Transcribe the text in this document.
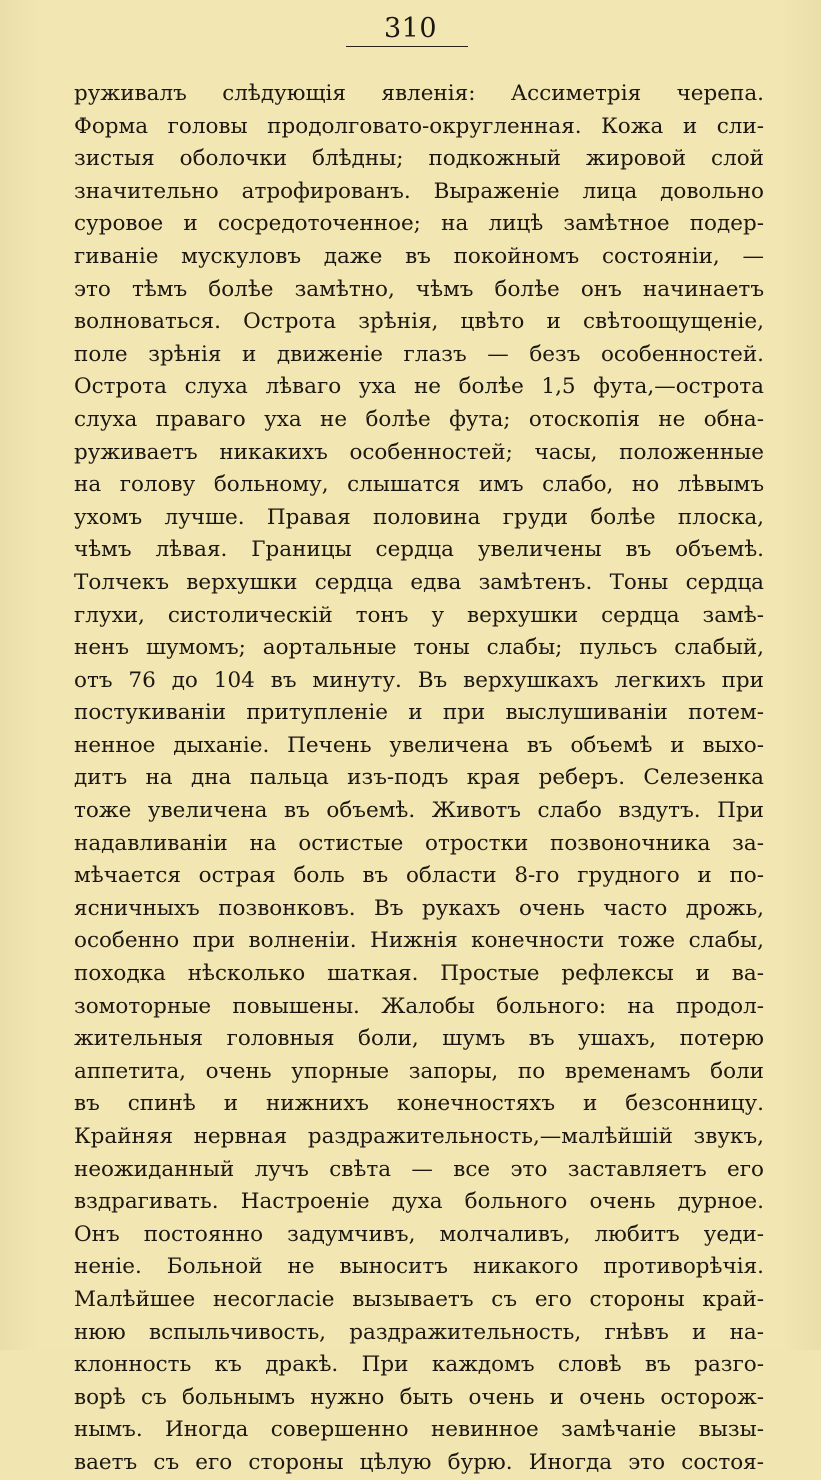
310
руживалъ слѣдующія явленія: Ассиметрія черепа.
Форма головы продолговато-округленная. Кожа и сли-
зистыя оболочки блѣдны; подкожный жировой слой
значительно атрофированъ. Выраженіе лица довольно
суровое и сосредоточенное; на лицѣ замѣтное подер-
гиваніе мускуловъ даже въ покойномъ состояніи, —
это тѣмъ болѣе замѣтно, чѣмъ болѣе онъ начинаетъ
волноваться. Острота зрѣнія, цвѣто и свѣтоощущеніе,
поле зрѣнія и движеніе глазъ — безъ особенностей.
Острота слуха лѣваго уха не болѣе 1,5 фута,—острота
слуха праваго уха не болѣе фута; отоскопія не обна-
руживаетъ никакихъ особенностей; часы, положенные
на голову больному, слышатся имъ слабо, но лѣвымъ
ухомъ лучше. Правая половина груди болѣе плоска,
чѣмъ лѣвая. Границы сердца увеличены въ объемѣ.
Толчекъ верхушки сердца едва замѣтенъ. Тоны сердца
глухи, систолическій тонъ у верхушки сердца замѣ-
ненъ шумомъ; аортальные тоны слабы; пульсъ слабый,
отъ 76 до 104 въ минуту. Въ верхушкахъ легкихъ при
постукиваніи притупленіе и при выслушиваніи потем-
ненное дыханіе. Печень увеличена въ объемѣ и выхо-
дитъ на дна пальца изъ-подъ края реберъ. Селезенка
тоже увеличена въ объемѣ. Животъ слабо вздутъ. При
надавливаніи на остистые отростки позвоночника за-
мѣчается острая боль въ области 8-го грудного и по-
ясничныхъ позвонковъ. Въ рукахъ очень часто дрожь,
особенно при волненіи. Нижнія конечности тоже слабы,
походка нѣсколько шаткая. Простые рефлексы и ва-
зомоторные повышены. Жалобы больного: на продол-
жительныя головныя боли, шумъ въ ушахъ, потерю
аппетита, очень упорные запоры, по временамъ боли
въ спинѣ и нижнихъ конечностяхъ и безсонницу.
Крайняя нервная раздражительность,—малѣйшій звукъ,
неожиданный лучъ свѣта — все это заставляетъ его
вздрагивать. Настроеніе духа больного очень дурное.
Онъ постоянно задумчивъ, молчаливъ, любитъ уеди-
неніе. Больной не выноситъ никакого противорѣчія.
Малѣйшее несогласіе вызываетъ съ его стороны край-
нюю вспыльчивость, раздражительность, гнѣвъ и на-
клонность къ дракѣ. При каждомъ словѣ въ разго-
ворѣ съ больнымъ нужно быть очень и очень осторож-
нымъ. Иногда совершенно невинное замѣчаніе вызы-
ваетъ съ его стороны цѣлую бурю. Иногда это состоя-
